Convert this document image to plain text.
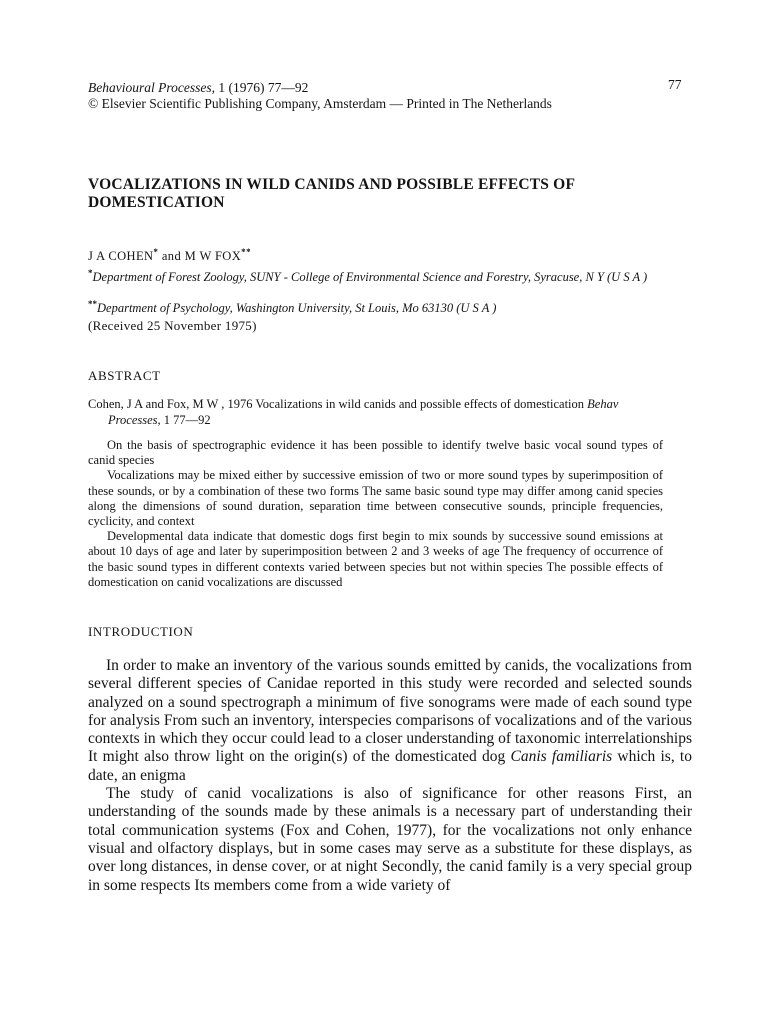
Behavioural Processes, 1 (1976) 77—92
© Elsevier Scientific Publishing Company, Amsterdam — Printed in The Netherlands
77
VOCALIZATIONS IN WILD CANIDS AND POSSIBLE EFFECTS OF DOMESTICATION
J A COHEN* and M W FOX**
*Department of Forest Zoology, SUNY - College of Environmental Science and Forestry, Syracuse, N Y (U S A )
**Department of Psychology, Washington University, St Louis, Mo 63130 (U S A )
(Received 25 November 1975)
ABSTRACT
Cohen, J A and Fox, M W , 1976 Vocalizations in wild canids and possible effects of domestication Behav Processes, 1 77—92

On the basis of spectrographic evidence it has been possible to identify twelve basic vocal sound types of canid species

Vocalizations may be mixed either by successive emission of two or more sound types by superimposition of these sounds, or by a combination of these two forms The same basic sound type may differ among canid species along the dimensions of sound duration, separation time between consecutive sounds, principle frequencies, cyclicity, and context

Developmental data indicate that domestic dogs first begin to mix sounds by successive sound emissions at about 10 days of age and later by superimposition between 2 and 3 weeks of age The frequency of occurrence of the basic sound types in different contexts varied between species but not within species The possible effects of domestication on canid vocalizations are discussed

INTRODUCTION

In order to make an inventory of the various sounds emitted by canids, the vocalizations from several different species of Canidae reported in this study were recorded and selected sounds analyzed on a sound spectrograph a minimum of five sonograms were made of each sound type for analysis From such an inventory, interspecies comparisons of vocalizations and of the various contexts in which they occur could lead to a closer understanding of taxonomic interrelationships It might also throw light on the origin(s) of the domesticated dog Canis familiaris which is, to date, an enigma

The study of canid vocalizations is also of significance for other reasons First, an understanding of the sounds made by these animals is a necessary part of understanding their total communication systems (Fox and Cohen, 1977), for the vocalizations not only enhance visual and olfactory displays, but in some cases may serve as a substitute for these displays, as over long distances, in dense cover, or at night Secondly, the canid family is a very special group in some respects Its members come from a wide variety of
